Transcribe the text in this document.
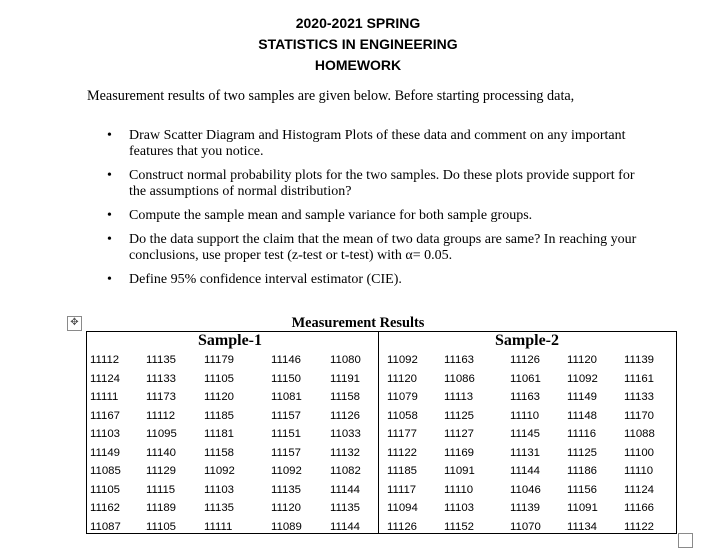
2020-2021 SPRING
STATISTICS IN ENGINEERING
HOMEWORK
Measurement results of two samples are given below. Before starting processing data,
• Draw Scatter Diagram and Histogram Plots of these data and comment on any important features that you notice.
• Construct normal probability plots for the two samples. Do these plots provide support for the assumptions of normal distribution?
• Compute the sample mean and sample variance for both sample groups.
• Do the data support the claim that the mean of two data groups are same? In reaching your conclusions, use proper test (z-test or t-test) with α= 0.05.
• Define 95% confidence interval estimator (CIE).
✥	Measurement Results
Sample-1	Sample-2
11112 11135 11179	11146	11080 11092 11163	11126 11120 11139
11124 11133 11105	11150	11191 11120 11086	11061 11092 11161
11111 11173 11120	11081 11158 11079 11113	11163 11149 11133
11167 11112	11185	11157	11126 11058 11125	11110 11148 11170
11103 11095 11181	11151	11033 11177 11127	11145 11116 11088
11149 11140 11158	11157	11132 11122 11169	11131 11125 11100
11085 11129 11092	11092 11082 11185 11091	11144 11186 11110
11105 11115	11103	11135	11144 11117 11110	11046 11156 11124
11162 11189 11135	11120	11135 11094 11103	11139 11091 11166
11087 11105 11111	11089 11144 11126 11152	11070 11134 11122
